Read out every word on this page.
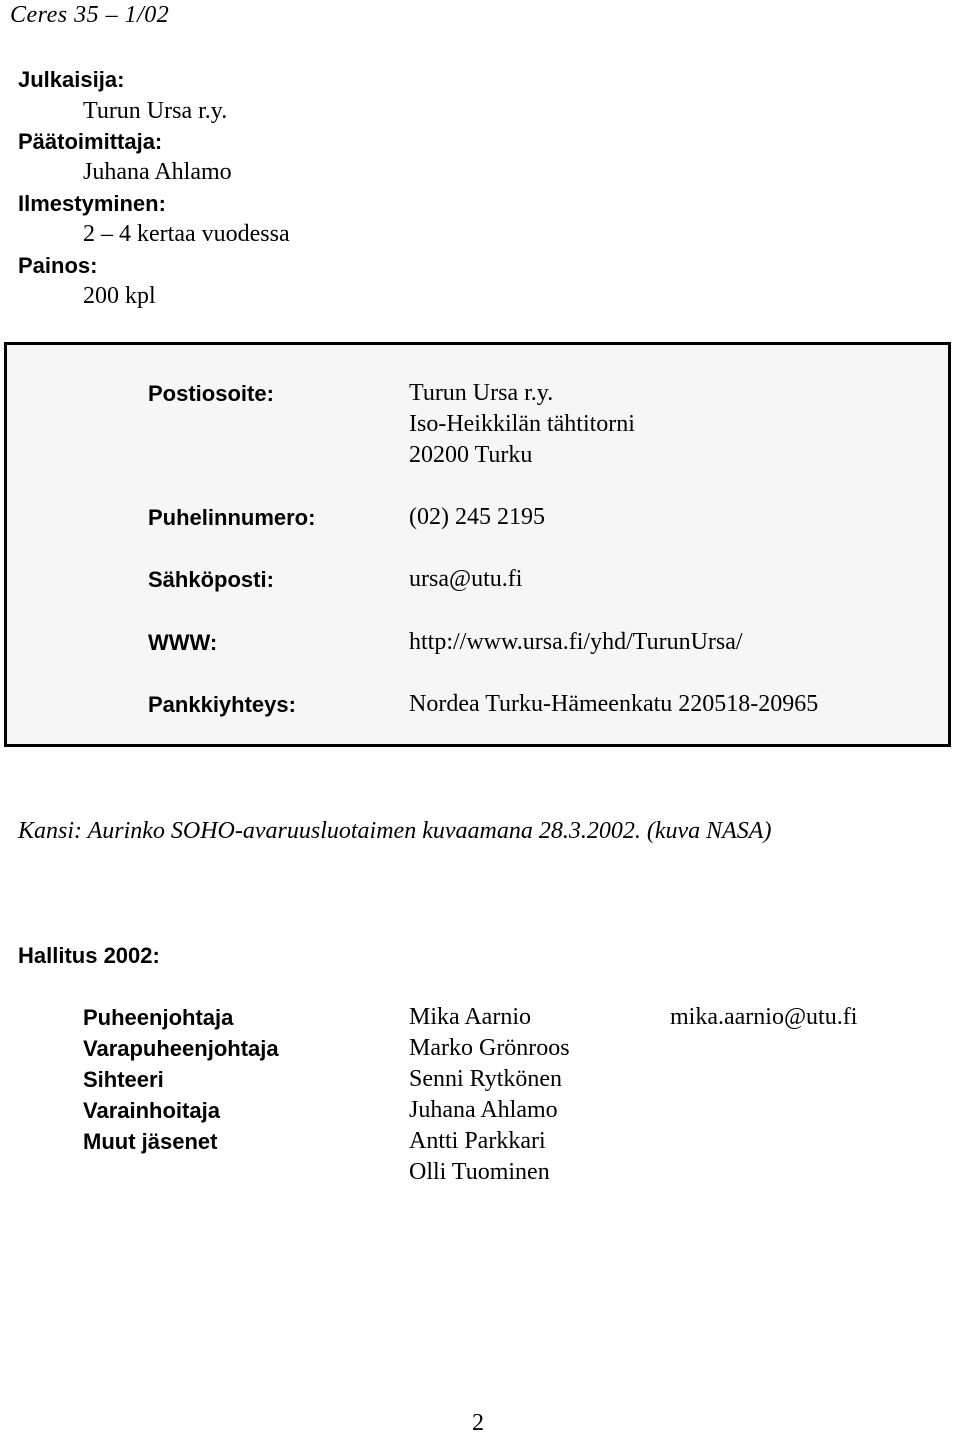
Ceres 35 – 1/02
Julkaisija:
Turun Ursa r.y.
Päätoimittaja:
Juhana Ahlamo
Ilmestyminen:
2 – 4 kertaa vuodessa
Painos:
200 kpl
Postiosoite:	Turun Ursa r.y.
Iso-Heikkilän tähtitorni
20200 Turku
Puhelinnumero:	(02) 245 2195
Sähköposti:	ursa@utu.fi
WWW:	http://www.ursa.fi/yhd/TurunUrsa/
Pankkiyhteys:	Nordea Turku-Hämeenkatu 220518-20965
Kansi: Aurinko SOHO-avaruusluotaimen kuvaamana 28.3.2002. (kuva NASA)
Hallitus 2002:
Puheenjohtaja	Mika Aarnio	mika.aarnio@utu.fi
Varapuheenjohtaja	Marko Grönroos
Sihteeri	Senni Rytkönen
Varainhoitaja	Juhana Ahlamo
Muut jäsenet	Antti Parkkari
Olli Tuominen
2
